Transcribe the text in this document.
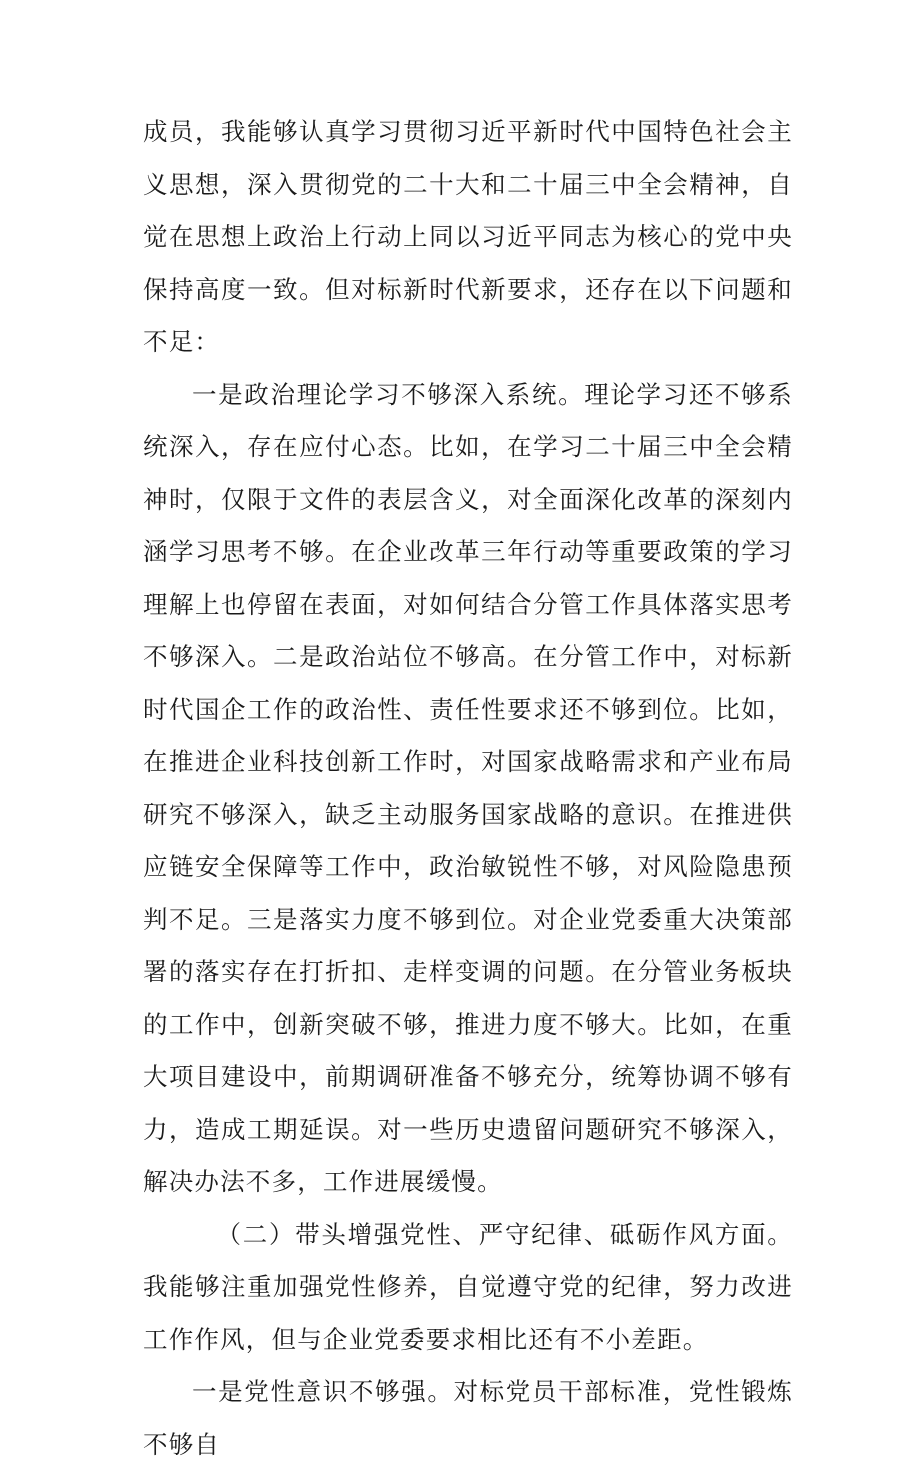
成员，我能够认真学习贯彻习近平新时代中国特色社会主义思想，深入贯彻党的二十大和二十届三中全会精神，自觉在思想上政治上行动上同以习近平同志为核心的党中央保持高度一致。但对标新时代新要求，还存在以下问题和不足：

一是政治理论学习不够深入系统。理论学习还不够系统深入，存在应付心态。比如，在学习二十届三中全会精神时，仅限于文件的表层含义，对全面深化改革的深刻内涵学习思考不够。在企业改革三年行动等重要政策的学习理解上也停留在表面，对如何结合分管工作具体落实思考不够深入。二是政治站位不够高。在分管工作中，对标新时代国企工作的政治性、责任性要求还不够到位。比如，在推进企业科技创新工作时，对国家战略需求和产业布局研究不够深入，缺乏主动服务国家战略的意识。在推进供应链安全保障等工作中，政治敏锐性不够，对风险隐患预判不足。三是落实力度不够到位。对企业党委重大决策部署的落实存在打折扣、走样变调的问题。在分管业务板块的工作中，创新突破不够，推进力度不够大。比如，在重大项目建设中，前期调研准备不够充分，统筹协调不够有力，造成工期延误。对一些历史遗留问题研究不够深入，解决办法不多，工作进展缓慢。

（二）带头增强党性、严守纪律、砥砺作风方面。我能够注重加强党性修养，自觉遵守党的纪律，努力改进工作作风，但与企业党委要求相比还有不小差距。

一是党性意识不够强。对标党员干部标准，党性锻炼不够自
